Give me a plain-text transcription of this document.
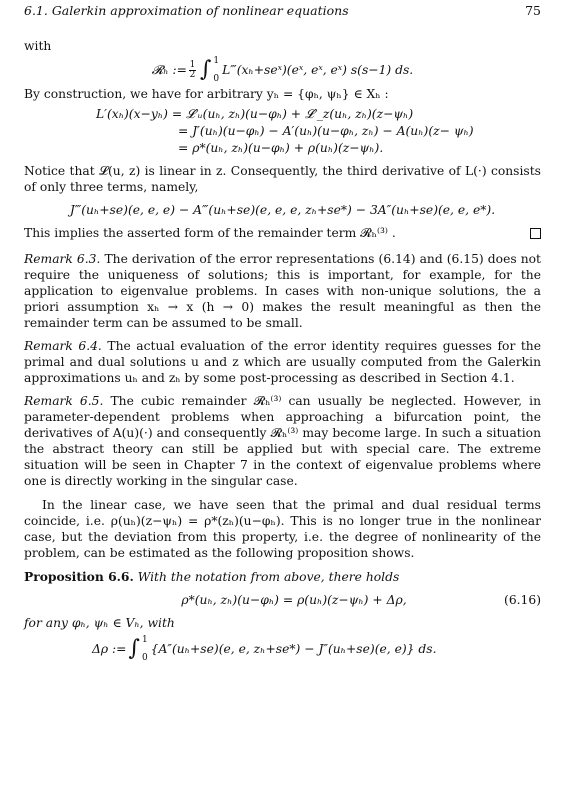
6.1. Galerkin approximation of nonlinear equations	75

with

𝓡ₕ := $\frac{1}{2}$ ∫ 1
0
L‴(xₕ+seˣ)(eˣ, eˣ, eˣ) s(s−1) ds.

By construction, we have for arbitrary yₕ = {φₕ, ψₕ} ∈ Xₕ :

L′(xₕ)(x−yₕ) = 𝓛′ᵤ(uₕ, zₕ)(u−φₕ) + 𝓛′_z(uₕ, zₕ)(z−ψₕ)
= J′(uₕ)(u−φₕ) − A′(uₕ)(u−φₕ, zₕ) − A(uₕ)(z− ψₕ)
= ρ*(uₕ, zₕ)(u−φₕ) + ρ(uₕ)(z−ψₕ).

Notice that 𝓛(u, z) is linear in z. Consequently, the third derivative of L(·) consists of only three terms, namely,

J‴(uₕ+se)(e, e, e) − A‴(uₕ+se)(e, e, e, zₕ+se*) − 3A″(uₕ+se)(e, e, e*).

This implies the asserted form of the remainder term 𝓡ₕ⁽³⁾ .

Remark 6.3. The derivation of the error representations (6.14) and (6.15) does not require the uniqueness of solutions; this is important, for example, for the application to eigenvalue problems. In cases with non-unique solutions, the a priori assumption xₕ → x (h → 0) makes the result meaningful as then the remainder term can be assumed to be small.

Remark 6.4. The actual evaluation of the error identity requires guesses for the primal and dual solutions u and z which are usually computed from the Galerkin approximations uₕ and zₕ by some post-processing as described in Section 4.1.

Remark 6.5. The cubic remainder 𝓡ₕ⁽³⁾ can usually be neglected. However, in parameter-dependent problems when approaching a bifurcation point, the derivatives of A(u)(·) and consequently 𝓡ₕ⁽³⁾ may become large. In such a situation the abstract theory can still be applied but with special care. The extreme situation will be seen in Chapter 7 in the context of eigenvalue problems where one is directly working in the singular case.

In the linear case, we have seen that the primal and dual residual terms coincide, i.e. ρ(uₕ)(z−ψₕ) = ρ*(zₕ)(u−φₕ). This is no longer true in the nonlinear case, but the deviation from this property, i.e. the degree of nonlinearity of the problem, can be estimated as the following proposition shows.

Proposition 6.6. With the notation from above, there holds

ρ*(uₕ, zₕ)(u−φₕ) = ρ(uₕ)(z−ψₕ) + Δρ,	(6.16)

for any φₕ, ψₕ ∈ Vₕ, with

Δρ := ∫ 1
0
{A″(uₕ+se)(e, e, zₕ+se*) − J″(uₕ+se)(e, e)} ds.
